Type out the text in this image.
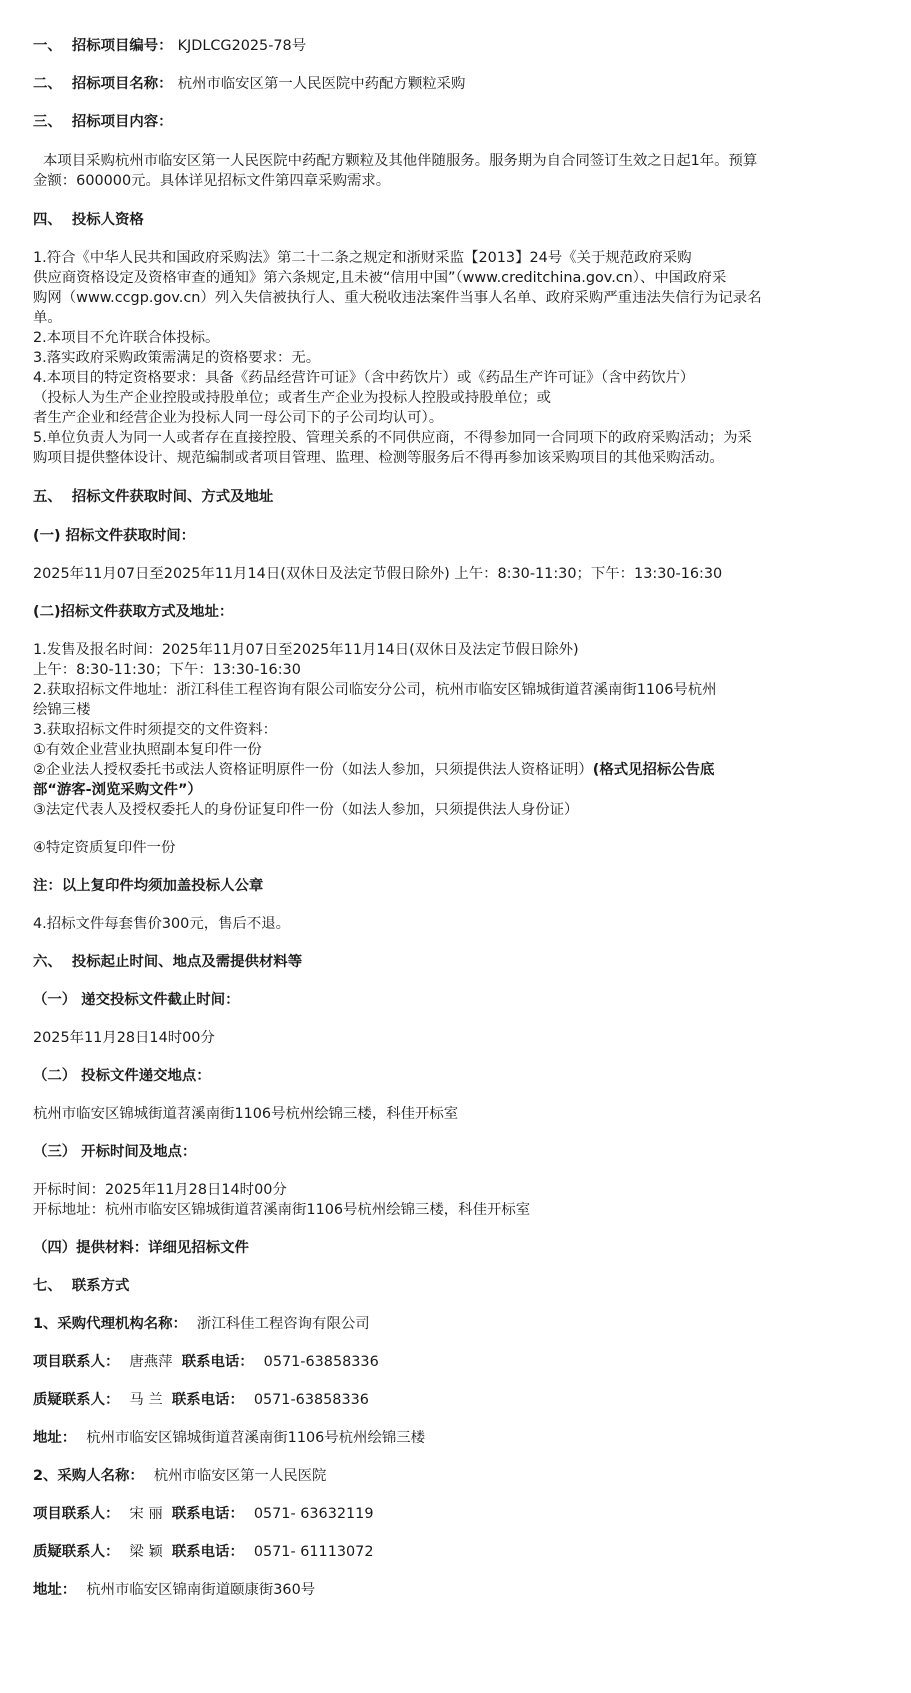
一、 招标项目编号： KJDLCG2025-78号
二、 招标项目名称： 杭州市临安区第一人民医院中药配方颗粒采购
三、 招标项目内容：
本项目采购杭州市临安区第一人民医院中药配方颗粒及其他伴随服务。服务期为自合同签订生效之日起1年。预算
金额：600000元。具体详见招标文件第四章采购需求。
四、 投标人资格
1.符合《中华人民共和国政府采购法》第二十二条之规定和浙财采监【2013】24号《关于规范政府采购
供应商资格设定及资格审查的通知》第六条规定,且未被“信用中国”（www.creditchina.gov.cn）、中国政府采
购网（www.ccgp.gov.cn）列入失信被执行人、重大税收违法案件当事人名单、政府采购严重违法失信行为记录名
单。
2.本项目不允许联合体投标。
3.落实政府采购政策需满足的资格要求：无。
4.本项目的特定资格要求：具备《药品经营许可证》（含中药饮片）或《药品生产许可证》（含中药饮片）
（投标人为生产企业控股或持股单位；或者生产企业为投标人控股或持股单位；或
者生产企业和经营企业为投标人同一母公司下的子公司均认可）。
5.单位负责人为同一人或者存在直接控股、管理关系的不同供应商，不得参加同一合同项下的政府采购活动；为采
购项目提供整体设计、规范编制或者项目管理、监理、检测等服务后不得再参加该采购项目的其他采购活动。
五、 招标文件获取时间、方式及地址
(一) 招标文件获取时间：
2025年11月07日至2025年11月14日(双休日及法定节假日除外) 上午：8:30-11:30；下午：13:30-16:30
(二)招标文件获取方式及地址：
1.发售及报名时间：2025年11月07日至2025年11月14日(双休日及法定节假日除外)
上午：8:30-11:30；下午：13:30-16:30
2.获取招标文件地址：浙江科佳工程咨询有限公司临安分公司，杭州市临安区锦城街道苕溪南街1106号杭州
绘锦三楼
3.获取招标文件时须提交的文件资料：
①有效企业营业执照副本复印件一份
②企业法人授权委托书或法人资格证明原件一份（如法人参加，只须提供法人资格证明）(格式见招标公告底
部“游客-浏览采购文件”）
③法定代表人及授权委托人的身份证复印件一份（如法人参加，只须提供法人身份证）
④特定资质复印件一份
注：以上复印件均须加盖投标人公章
4.招标文件每套售价300元，售后不退。
六、 投标起止时间、地点及需提供材料等
（一） 递交投标文件截止时间：
2025年11月28日14时00分
（二） 投标文件递交地点：
杭州市临安区锦城街道苕溪南街1106号杭州绘锦三楼，科佳开标室
（三） 开标时间及地点：
开标时间：2025年11月28日14时00分
开标地址：杭州市临安区锦城街道苕溪南街1106号杭州绘锦三楼，科佳开标室
（四）提供材料：详细见招标文件
七、 联系方式
1、采购代理机构名称： 浙江科佳工程咨询有限公司
项目联系人： 唐燕萍 联系电话： 0571-63858336
质疑联系人： 马 兰 联系电话： 0571-63858336
地址： 杭州市临安区锦城街道苕溪南街1106号杭州绘锦三楼
2、采购人名称： 杭州市临安区第一人民医院
项目联系人： 宋 丽 联系电话： 0571- 63632119
质疑联系人： 梁 颖 联系电话： 0571- 61113072
地址： 杭州市临安区锦南街道颐康街360号
